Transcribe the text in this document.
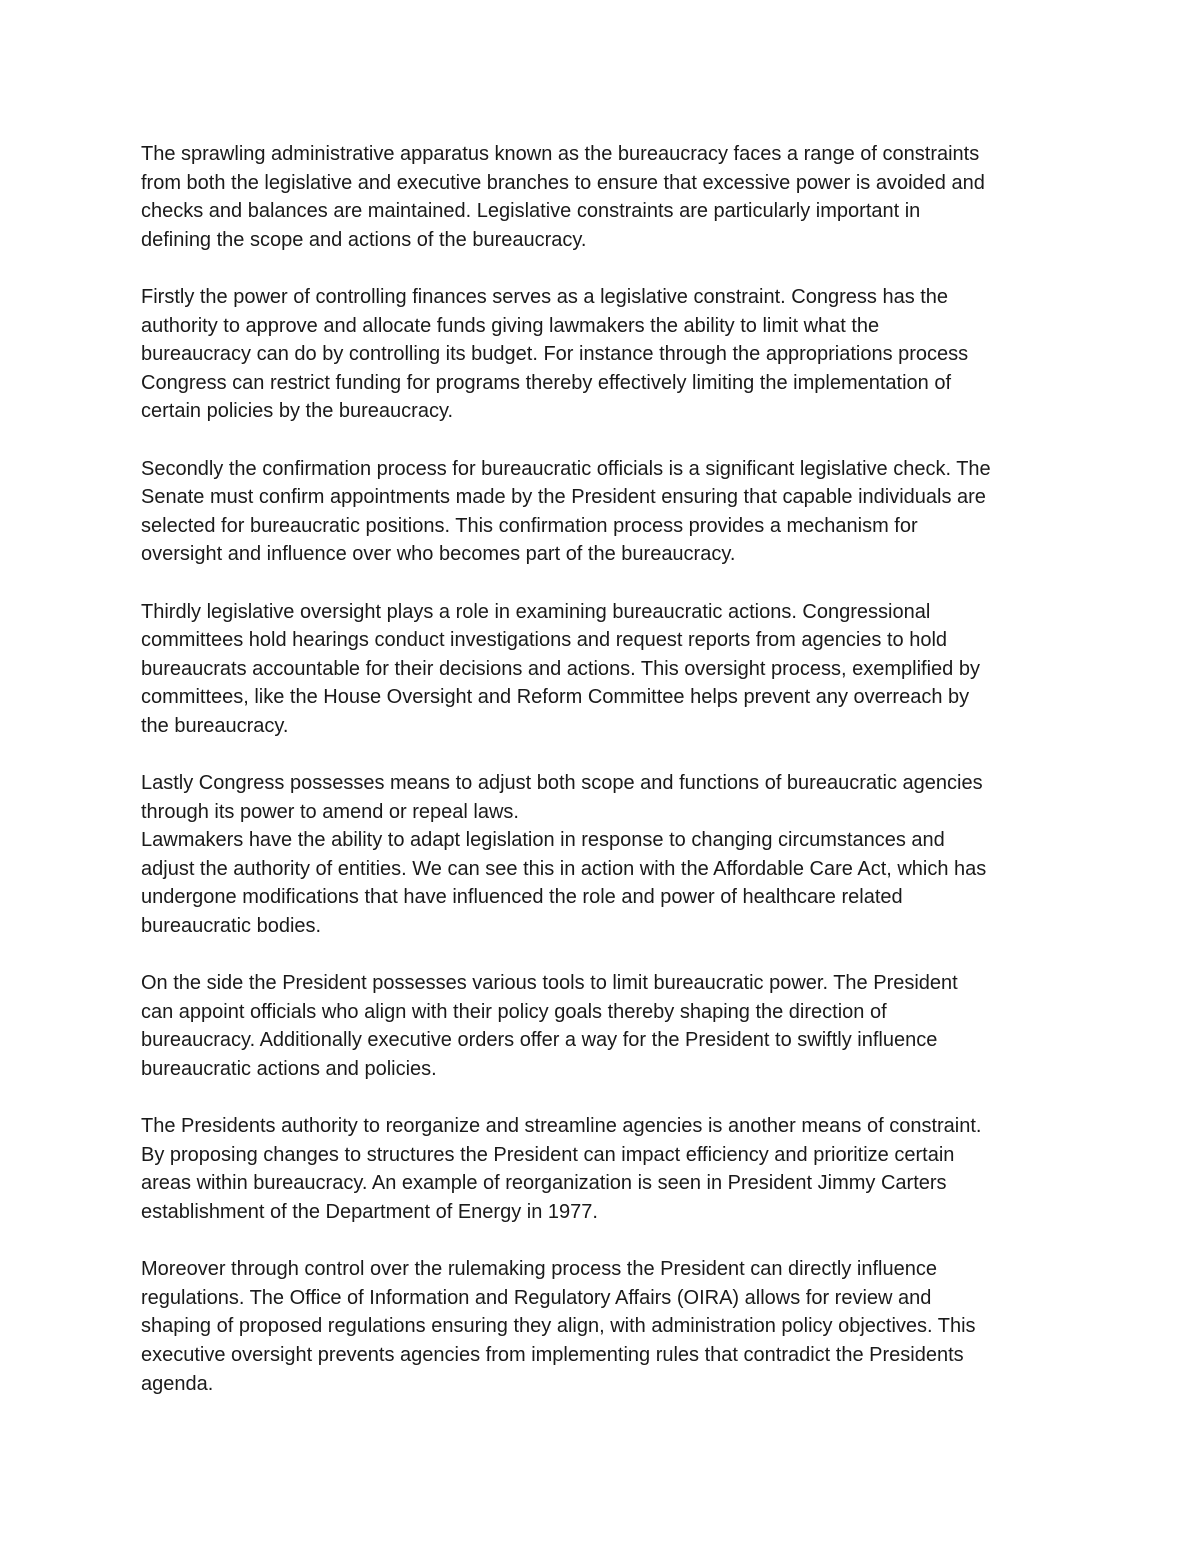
The sprawling administrative apparatus known as the bureaucracy faces a range of constraints
from both the legislative and executive branches to ensure that excessive power is avoided and
checks and balances are maintained. Legislative constraints are particularly important in
defining the scope and actions of the bureaucracy.
Firstly the power of controlling finances serves as a legislative constraint. Congress has the
authority to approve and allocate funds giving lawmakers the ability to limit what the
bureaucracy can do by controlling its budget. For instance through the appropriations process
Congress can restrict funding for programs thereby effectively limiting the implementation of
certain policies by the bureaucracy.
Secondly the confirmation process for bureaucratic officials is a significant legislative check. The
Senate must confirm appointments made by the President ensuring that capable individuals are
selected for bureaucratic positions. This confirmation process provides a mechanism for
oversight and influence over who becomes part of the bureaucracy.
Thirdly legislative oversight plays a role in examining bureaucratic actions. Congressional
committees hold hearings conduct investigations and request reports from agencies to hold
bureaucrats accountable for their decisions and actions. This oversight process, exemplified by
committees, like the House Oversight and Reform Committee helps prevent any overreach by
the bureaucracy.
Lastly Congress possesses means to adjust both scope and functions of bureaucratic agencies
through its power to amend or repeal laws.
Lawmakers have the ability to adapt legislation in response to changing circumstances and
adjust the authority of entities. We can see this in action with the Affordable Care Act, which has
undergone modifications that have influenced the role and power of healthcare related
bureaucratic bodies.
On the side the President possesses various tools to limit bureaucratic power. The President
can appoint officials who align with their policy goals thereby shaping the direction of
bureaucracy. Additionally executive orders offer a way for the President to swiftly influence
bureaucratic actions and policies.
The Presidents authority to reorganize and streamline agencies is another means of constraint.
By proposing changes to structures the President can impact efficiency and prioritize certain
areas within bureaucracy. An example of reorganization is seen in President Jimmy Carters
establishment of the Department of Energy in 1977.
Moreover through control over the rulemaking process the President can directly influence
regulations. The Office of Information and Regulatory Affairs (OIRA) allows for review and
shaping of proposed regulations ensuring they align, with administration policy objectives. This
executive oversight prevents agencies from implementing rules that contradict the Presidents
agenda.
